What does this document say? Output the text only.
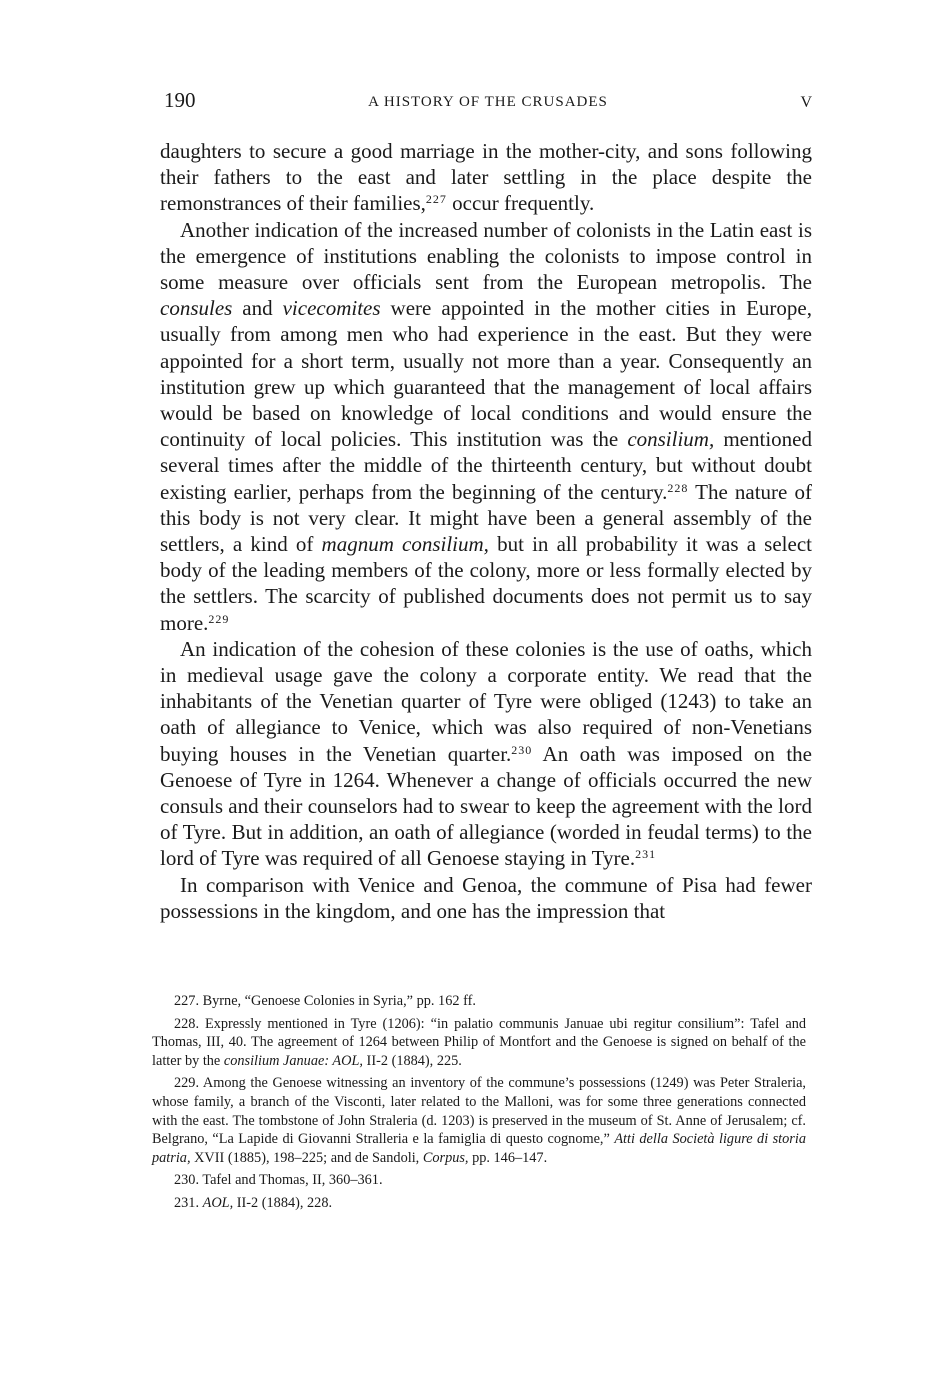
190	A HISTORY OF THE CRUSADES	V

daughters to secure a good marriage in the mother-city, and sons following their fathers to the east and later settling in the place despite the remonstrances of their families,$^{227}$ occur frequently.

Another indication of the increased number of colonists in the Latin east is the emergence of institutions enabling the colonists to impose control in some measure over officials sent from the European metropolis. The consules and vicecomites were appointed in the mother cities in Europe, usually from among men who had experience in the east. But they were appointed for a short term, usually not more than a year. Consequently an institution grew up which guaranteed that the management of local affairs would be based on knowledge of local conditions and would ensure the continuity of local policies. This institution was the consilium, mentioned several times after the middle of the thirteenth century, but without doubt existing earlier, perhaps from the beginning of the century.$^{228}$ The nature of this body is not very clear. It might have been a general assembly of the settlers, a kind of magnum consilium, but in all probability it was a select body of the leading members of the colony, more or less formally elected by the settlers. The scarcity of published documents does not permit us to say more.$^{229}$

An indication of the cohesion of these colonies is the use of oaths, which in medieval usage gave the colony a corporate entity. We read that the inhabitants of the Venetian quarter of Tyre were obliged (1243) to take an oath of allegiance to Venice, which was also required of non-Venetians buying houses in the Venetian quarter.$^{230}$ An oath was imposed on the Genoese of Tyre in 1264. Whenever a change of officials occurred the new consuls and their counselors had to swear to keep the agreement with the lord of Tyre. But in addition, an oath of allegiance (worded in feudal terms) to the lord of Tyre was required of all Genoese staying in Tyre.$^{231}$

In comparison with Venice and Genoa, the commune of Pisa had fewer possessions in the kingdom, and one has the impression that

227. Byrne, “Genoese Colonies in Syria,” pp. 162 ff.

228. Expressly mentioned in Tyre (1206): “in palatio communis Januae ubi regitur consilium”: Tafel and Thomas, III, 40. The agreement of 1264 between Philip of Montfort and the Genoese is signed on behalf of the latter by the consilium Januae: AOL, II-2 (1884), 225.

229. Among the Genoese witnessing an inventory of the commune’s possessions (1249) was Peter Straleria, whose family, a branch of the Visconti, later related to the Malloni, was for some three generations connected with the east. The tombstone of John Straleria (d. 1203) is preserved in the museum of St. Anne of Jerusalem; cf. Belgrano, “La Lapide di Giovanni Stralleria e la famiglia di questo cognome,” Atti della Società ligure di storia patria, XVII (1885), 198–225; and de Sandoli, Corpus, pp. 146–147.

230. Tafel and Thomas, II, 360–361.

231. AOL, II-2 (1884), 228.
